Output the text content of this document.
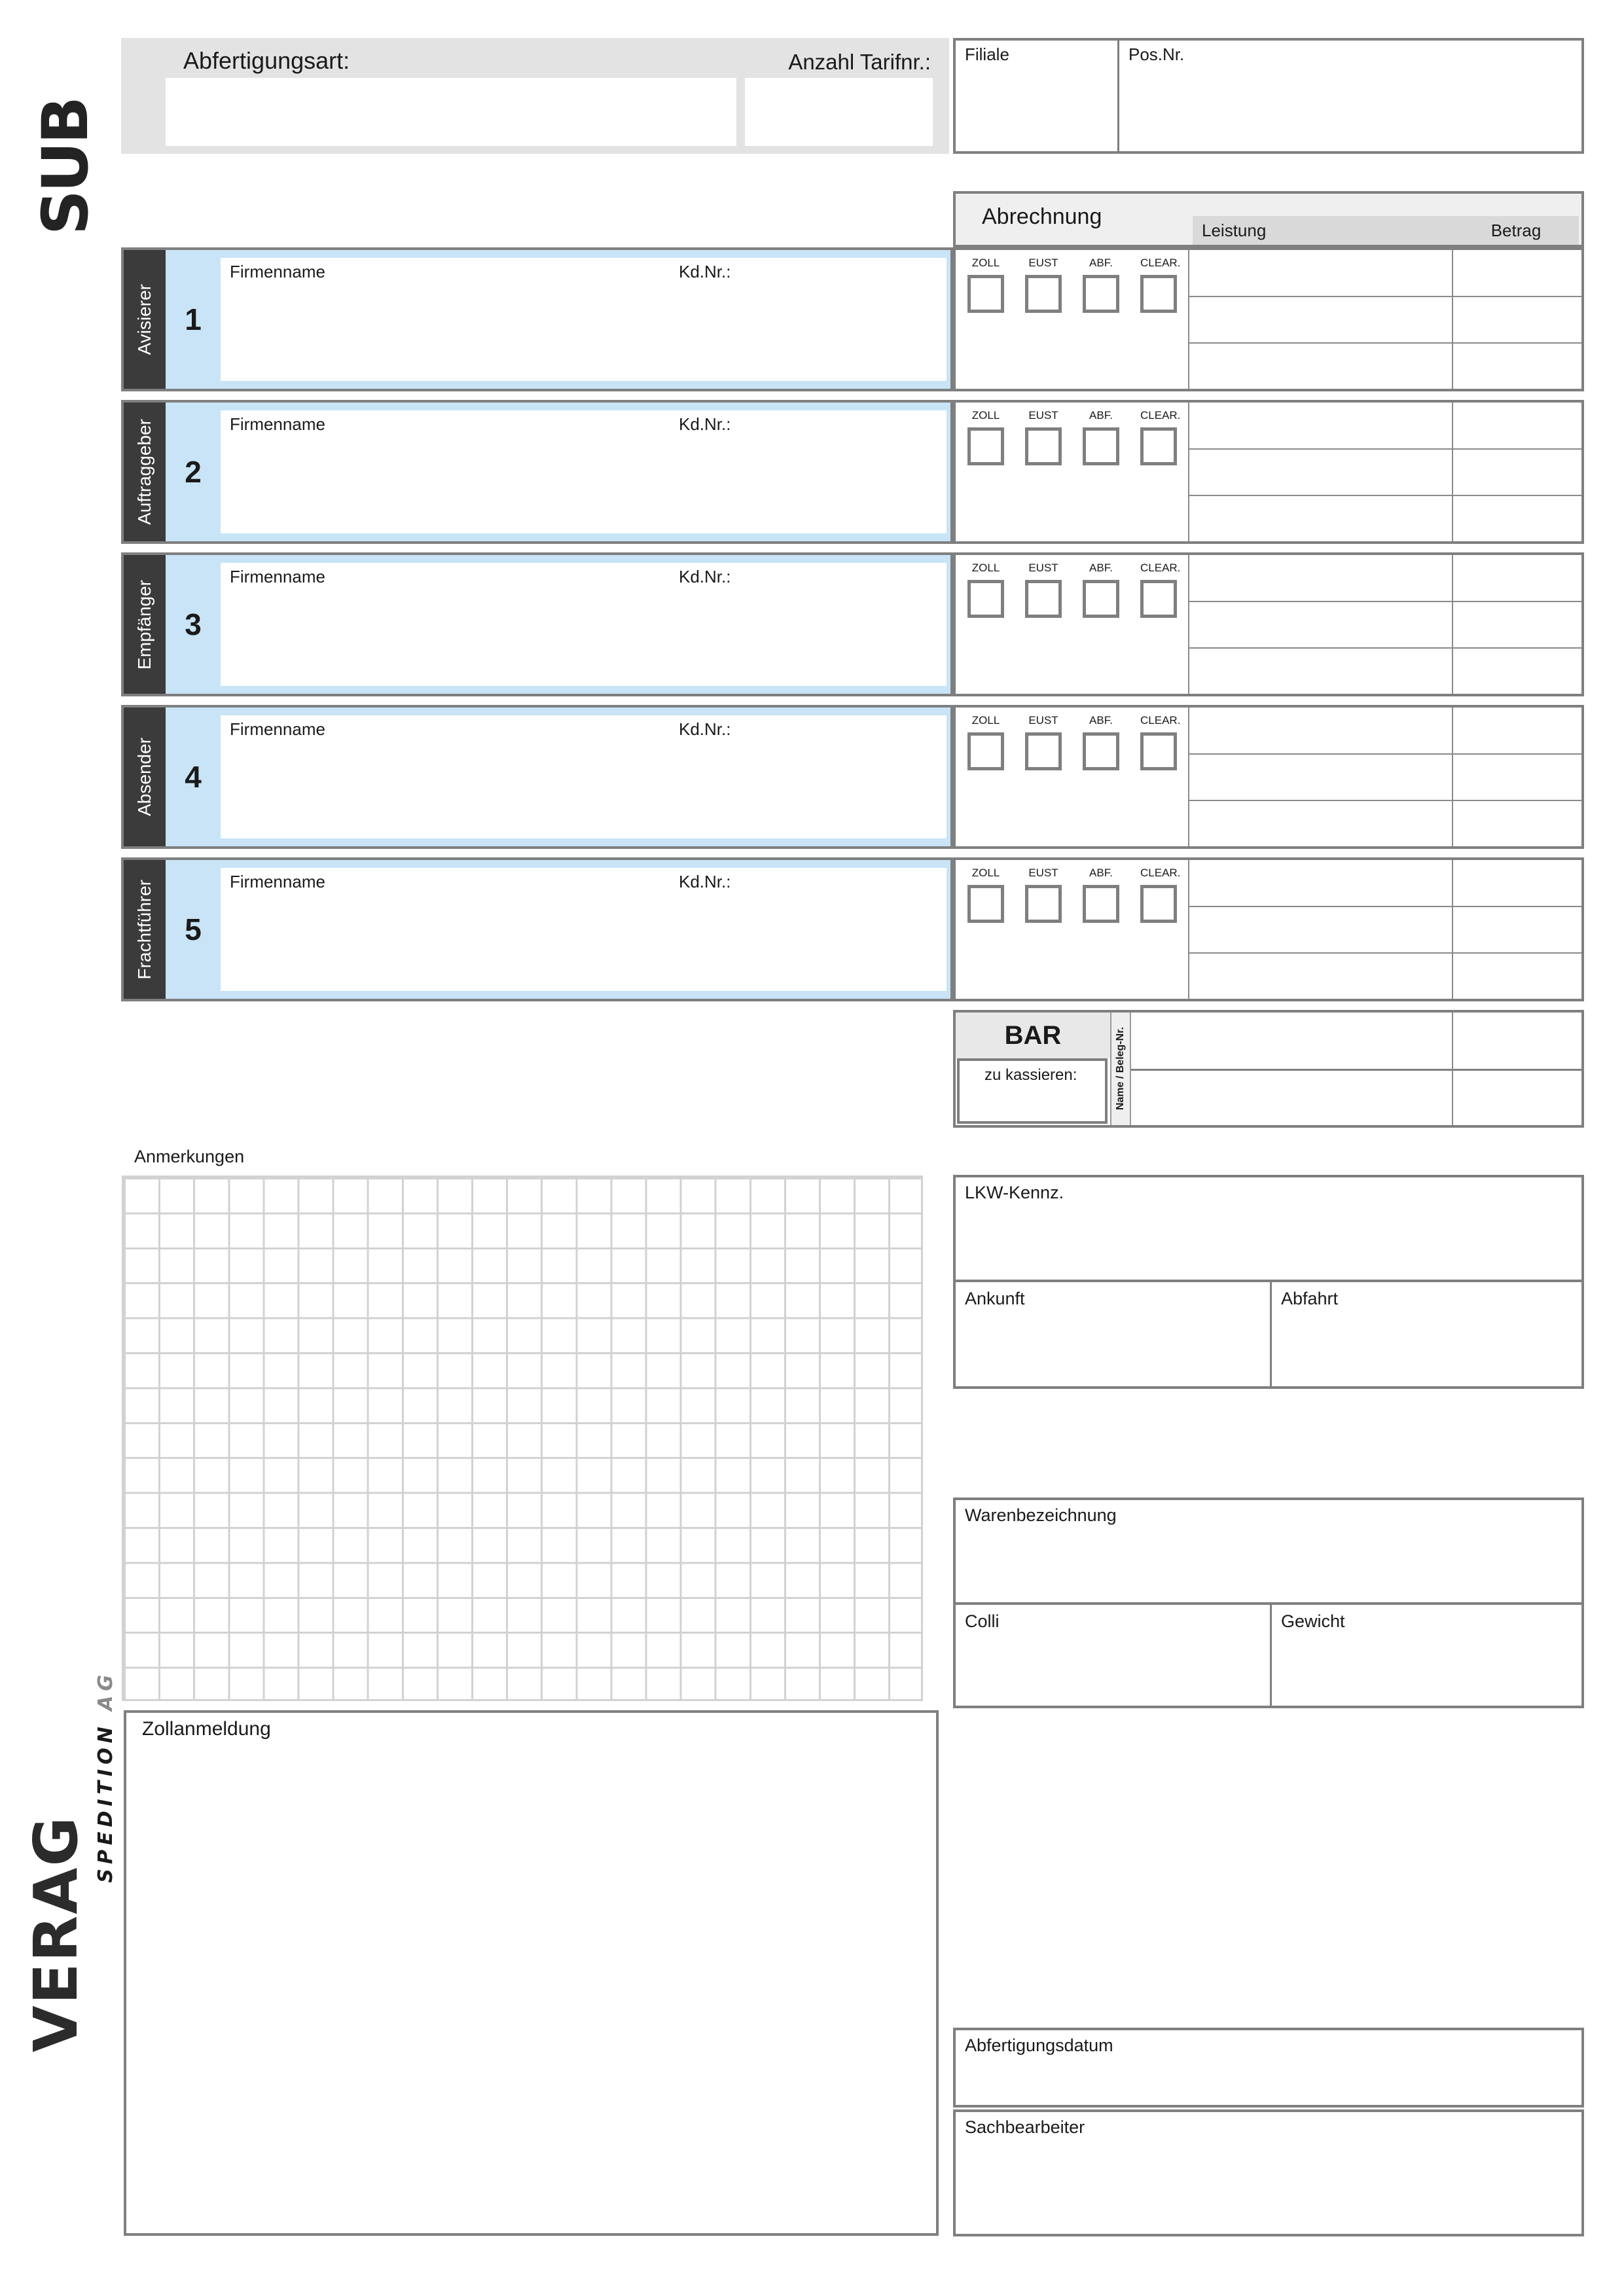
SUB
Abfertigungsart:	Anzahl Tarifnr.: Filiale	Pos.Nr.
Abrechnung
Leistung	Betrag
Avisierer	1
Firmenname	Kd.Nr.:
Auftraggeber	2
Firmenname	Kd.Nr.:
Empfänger	3
Firmenname	Kd.Nr.:
Absender	4
Firmenname	Kd.Nr.:
Frachtführer	5
Firmenname	Kd.Nr.:
ZOLL	EUST	ABF.	CLEAR.
ZOLL	EUST	ABF.	CLEAR.
ZOLL	EUST	ABF.	CLEAR.
ZOLL	EUST	ABF.	CLEAR.
ZOLL	EUST	ABF.	CLEAR.
BAR
zu kassieren:	Name / Beleg-Nr.
Anmerkungen
LKW-Kennz.
Ankunft	Abfahrt
Warenbezeichnung
Colli	Gewicht
Zollanmeldung
Abfertigungsdatum
Sachbearbeiter
VERAG
SPEDITION AG
